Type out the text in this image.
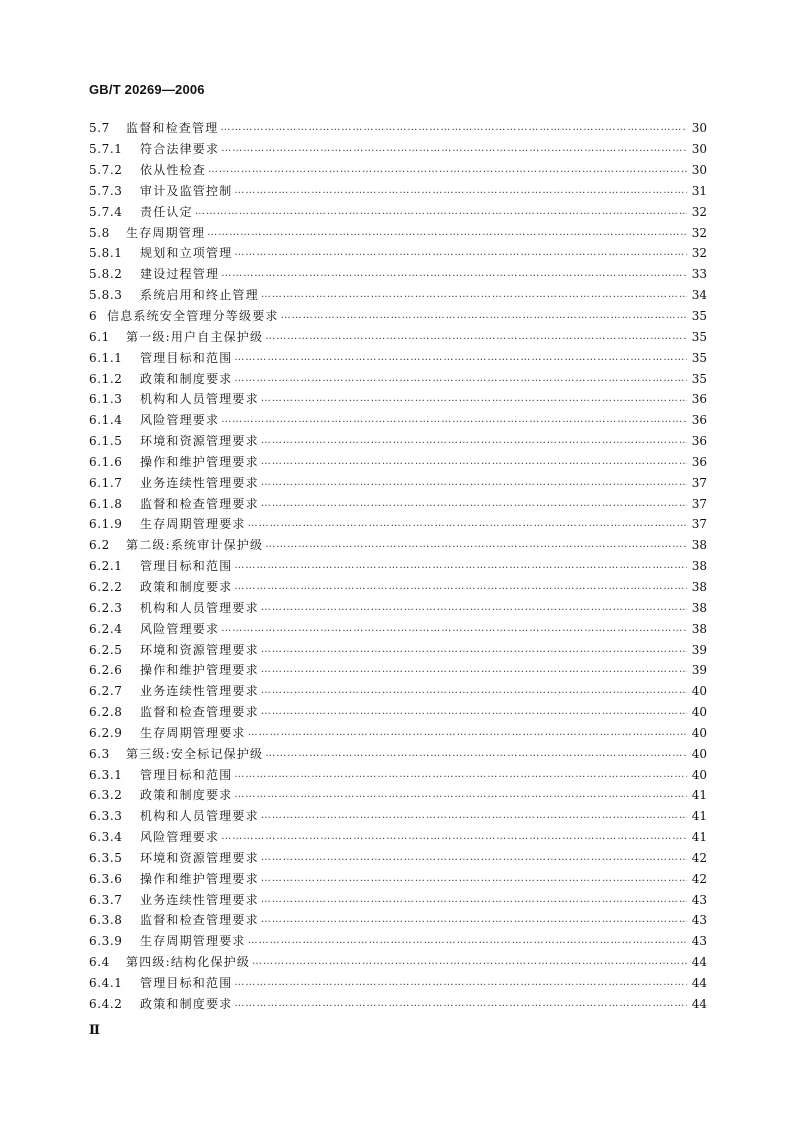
GB/T 20269—2006
5.7	监督和检查管理 ……………………………………………………………………………………………………………………………………………………………………………………………………	30
5.7.1	符合法律要求 ……………………………………………………………………………………………………………………………………………………………………………………………………	30
5.7.2	依从性检查 ……………………………………………………………………………………………………………………………………………………………………………………………………	30
5.7.3	审计及监管控制 ……………………………………………………………………………………………………………………………………………………………………………………………………	31
5.7.4	责任认定 ……………………………………………………………………………………………………………………………………………………………………………………………………	32
5.8	生存周期管理 ……………………………………………………………………………………………………………………………………………………………………………………………………	32
5.8.1	规划和立项管理 ……………………………………………………………………………………………………………………………………………………………………………………………………	32
5.8.2	建设过程管理 ……………………………………………………………………………………………………………………………………………………………………………………………………	33
5.8.3	系统启用和终止管理 ……………………………………………………………………………………………………………………………………………………………………………………………………	34
6 信息系统安全管理分等级要求 ……………………………………………………………………………………………………………………………………………………………………………………………………	35
6.1	第一级:用户自主保护级 ……………………………………………………………………………………………………………………………………………………………………………………………………	35
6.1.1	管理目标和范围 ……………………………………………………………………………………………………………………………………………………………………………………………………	35
6.1.2	政策和制度要求 ……………………………………………………………………………………………………………………………………………………………………………………………………	35
6.1.3	机构和人员管理要求 ……………………………………………………………………………………………………………………………………………………………………………………………………	36
6.1.4	风险管理要求 ……………………………………………………………………………………………………………………………………………………………………………………………………	36
6.1.5	环境和资源管理要求 ……………………………………………………………………………………………………………………………………………………………………………………………………	36
6.1.6	操作和维护管理要求 ……………………………………………………………………………………………………………………………………………………………………………………………………	36
6.1.7	业务连续性管理要求 ……………………………………………………………………………………………………………………………………………………………………………………………………	37
6.1.8	监督和检查管理要求 ……………………………………………………………………………………………………………………………………………………………………………………………………	37
6.1.9	生存周期管理要求 ……………………………………………………………………………………………………………………………………………………………………………………………………	37
6.2	第二级:系统审计保护级 ……………………………………………………………………………………………………………………………………………………………………………………………………	38
6.2.1	管理目标和范围 ……………………………………………………………………………………………………………………………………………………………………………………………………	38
6.2.2	政策和制度要求 ……………………………………………………………………………………………………………………………………………………………………………………………………	38
6.2.3	机构和人员管理要求 ……………………………………………………………………………………………………………………………………………………………………………………………………	38
6.2.4	风险管理要求 ……………………………………………………………………………………………………………………………………………………………………………………………………	38
6.2.5	环境和资源管理要求 ……………………………………………………………………………………………………………………………………………………………………………………………………	39
6.2.6	操作和维护管理要求 ……………………………………………………………………………………………………………………………………………………………………………………………………	39
6.2.7	业务连续性管理要求 ……………………………………………………………………………………………………………………………………………………………………………………………………	40
6.2.8	监督和检查管理要求 ……………………………………………………………………………………………………………………………………………………………………………………………………	40
6.2.9	生存周期管理要求 ……………………………………………………………………………………………………………………………………………………………………………………………………	40
6.3	第三级:安全标记保护级 ……………………………………………………………………………………………………………………………………………………………………………………………………	40
6.3.1	管理目标和范围 ……………………………………………………………………………………………………………………………………………………………………………………………………	40
6.3.2	政策和制度要求 ……………………………………………………………………………………………………………………………………………………………………………………………………	41
6.3.3	机构和人员管理要求 ……………………………………………………………………………………………………………………………………………………………………………………………………	41
6.3.4	风险管理要求 ……………………………………………………………………………………………………………………………………………………………………………………………………	41
6.3.5	环境和资源管理要求 ……………………………………………………………………………………………………………………………………………………………………………………………………	42
6.3.6	操作和维护管理要求 ……………………………………………………………………………………………………………………………………………………………………………………………………	42
6.3.7	业务连续性管理要求 ……………………………………………………………………………………………………………………………………………………………………………………………………	43
6.3.8	监督和检查管理要求 ……………………………………………………………………………………………………………………………………………………………………………………………………	43
6.3.9	生存周期管理要求 ……………………………………………………………………………………………………………………………………………………………………………………………………	43
6.4	第四级:结构化保护级 ……………………………………………………………………………………………………………………………………………………………………………………………………	44
6.4.1	管理目标和范围 ……………………………………………………………………………………………………………………………………………………………………………………………………	44
6.4.2	政策和制度要求 ……………………………………………………………………………………………………………………………………………………………………………………………………	44
Ⅱ
